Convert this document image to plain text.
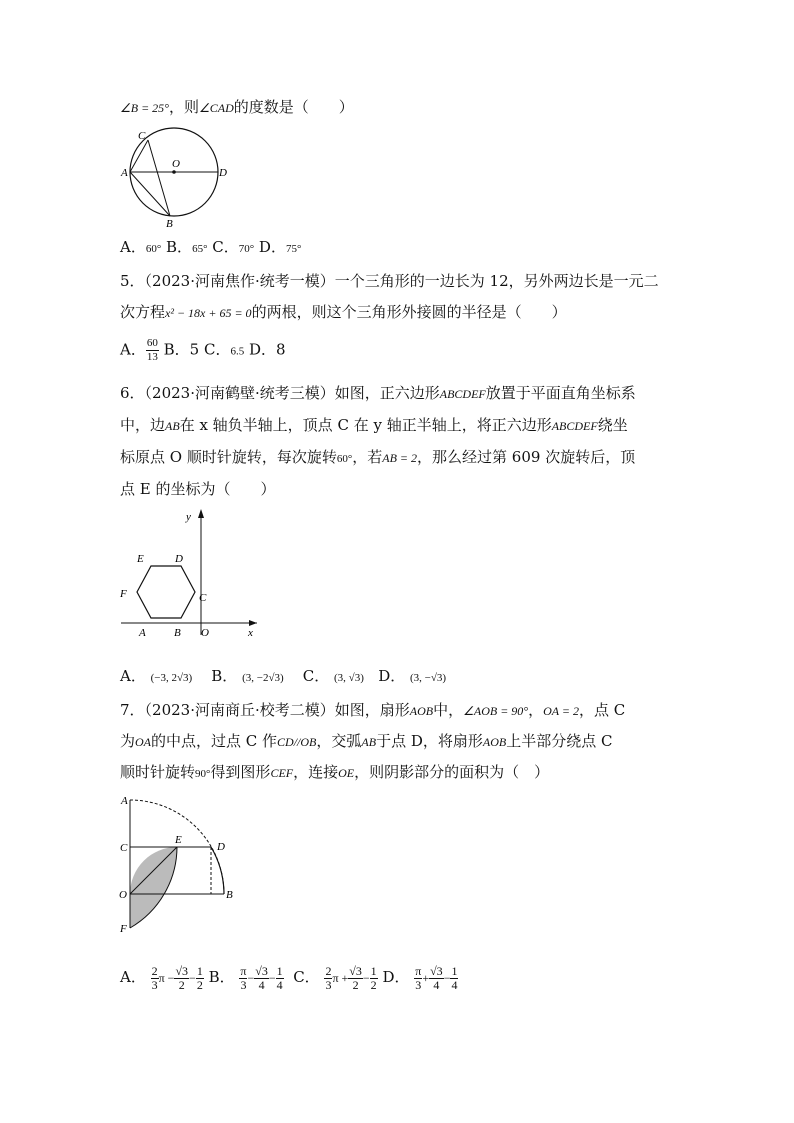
∠B = 25°，则∠CAD的度数是（　　）
C
A
O
D
B
A．60° B．65° C．70° D．75°
5．（2023·河南焦作·统考一模）一个三角形的一边长为 12，另外两边长是一元二
次方程x² − 18x + 65 = 0的两根，则这个三角形外接圆的半径是（　　）
A． $\frac{60}{13}$ B．5 C．6.5 D．8
6．（2023·河南鹤壁·统考三模）如图，正六边形ABCDEF放置于平面直角坐标系
中，边AB在 x 轴负半轴上，顶点 C 在 y 轴正半轴上，将正六边形ABCDEF绕坐
标原点 O 顺时针旋转，每次旋转60°，若AB = 2，那么经过第 609 次旋转后，顶
点 E 的坐标为（　　）
y
x
E	D
F	C
A	B O
A． (−3, 2√3) B． (3, −2√3) C． (3, √3) D． (3, −√3)
7．（2023·河南商丘·校考二模）如图，扇形AOB中，∠AOB = 90°，OA = 2，点 C
为OA的中点，过点 C 作CD//OB，交弧AB于点 D，将扇形AOB上半部分绕点 C
顺时针旋转90°得到图形CEF，连接OE，则阴影部分的面积为（　）
A
C
E
D
O	B
F
A． $\frac{2}{3}$ $\pi - \frac{√3}{2} - \frac{1}{2}$ B． $\frac{\pi}{3} - \frac{√3}{4} - \frac{1}{4}$ C． $\frac{2}{3}$ $\pi + \frac{√3}{2} - \frac{1}{2}$ D． $\frac{\pi}{3} + \frac{√3}{4} - \frac{1}{4}$
